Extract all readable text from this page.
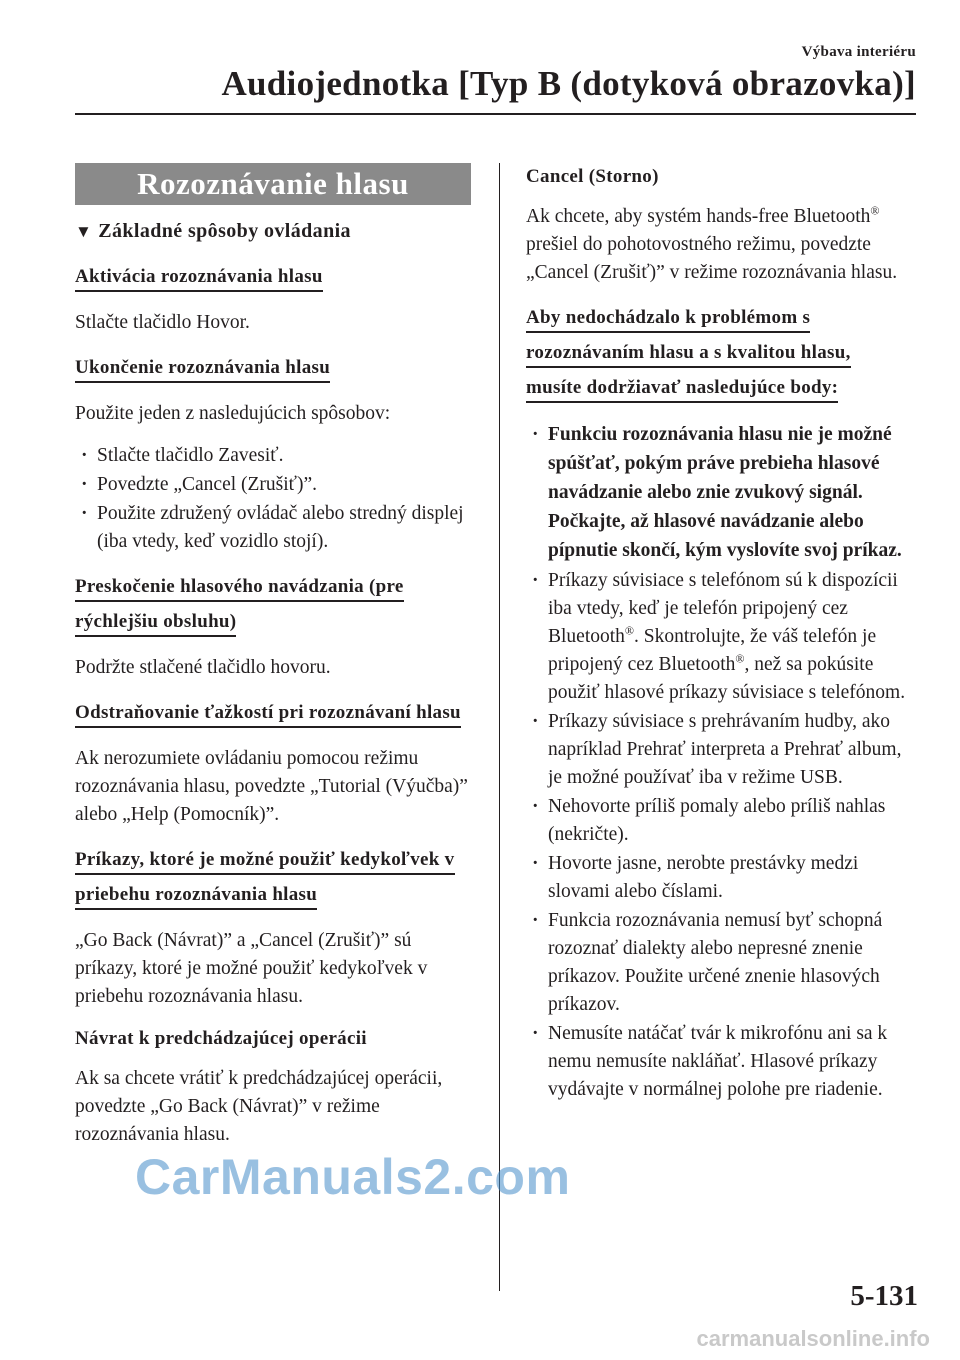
Výbava interiéru
Audiojednotka [Typ B (dotyková obrazovka)]
Rozoznávanie hlasu
▼ Základné spôsoby ovládania
Aktivácia rozoznávania hlasu
Stlačte tlačidlo Hovor.
Ukončenie rozoznávania hlasu
Použite jeden z nasledujúcich spôsobov:
· Stlačte tlačidlo Zavesiť.
· Povedzte „Cancel (Zrušiť)”.
· Použite združený ovládač alebo stredný displej (iba vtedy, keď vozidlo stojí).
Preskočenie hlasového navádzania (pre rýchlejšiu obsluhu)
Podržte stlačené tlačidlo hovoru.
Odstraňovanie ťažkostí pri rozoznávaní hlasu
Ak nerozumiete ovládaniu pomocou režimu rozoznávania hlasu, povedzte „Tutorial (Výučba)” alebo „Help (Pomocník)”.
Príkazy, ktoré je možné použiť kedykoľvek v priebehu rozoznávania hlasu
„Go Back (Návrat)” a „Cancel (Zrušiť)” sú príkazy, ktoré je možné použiť kedykoľvek v priebehu rozoznávania hlasu.
Návrat k predchádzajúcej operácii
Ak sa chcete vrátiť k predchádzajúcej operácii, povedzte „Go Back (Návrat)” v režime rozoznávania hlasu.
Cancel (Storno)
Ak chcete, aby systém hands-free Bluetooth® prešiel do pohotovostného režimu, povedzte „Cancel (Zrušiť)” v režime rozoznávania hlasu.
Aby nedochádzalo k problémom s rozoznávaním hlasu a s kvalitou hlasu, musíte dodržiavať nasledujúce body:
· Funkciu rozoznávania hlasu nie je možné spúšťať, pokým práve prebieha hlasové navádzanie alebo znie zvukový signál. Počkajte, až hlasové navádzanie alebo pípnutie skončí, kým vyslovíte svoj príkaz.
· Príkazy súvisiace s telefónom sú k dispozícii iba vtedy, keď je telefón pripojený cez Bluetooth®. Skontrolujte, že váš telefón je pripojený cez Bluetooth®, než sa pokúsite použiť hlasové príkazy súvisiace s telefónom.
· Príkazy súvisiace s prehrávaním hudby, ako napríklad Prehrať interpreta a Prehrať album, je možné používať iba v režime USB.
· Nehovorte príliš pomaly alebo príliš nahlas (nekričte).
· Hovorte jasne, nerobte prestávky medzi slovami alebo číslami.
· Funkcia rozoznávania nemusí byť schopná rozoznať dialekty alebo nepresné znenie príkazov. Použite určené znenie hlasových príkazov.
· Nemusíte natáčať tvár k mikrofónu ani sa k nemu nemusíte nakláňať. Hlasové príkazy vydávajte v normálnej polohe pre riadenie.
CarManuals2.com
5-131
carmanualsonline.info
